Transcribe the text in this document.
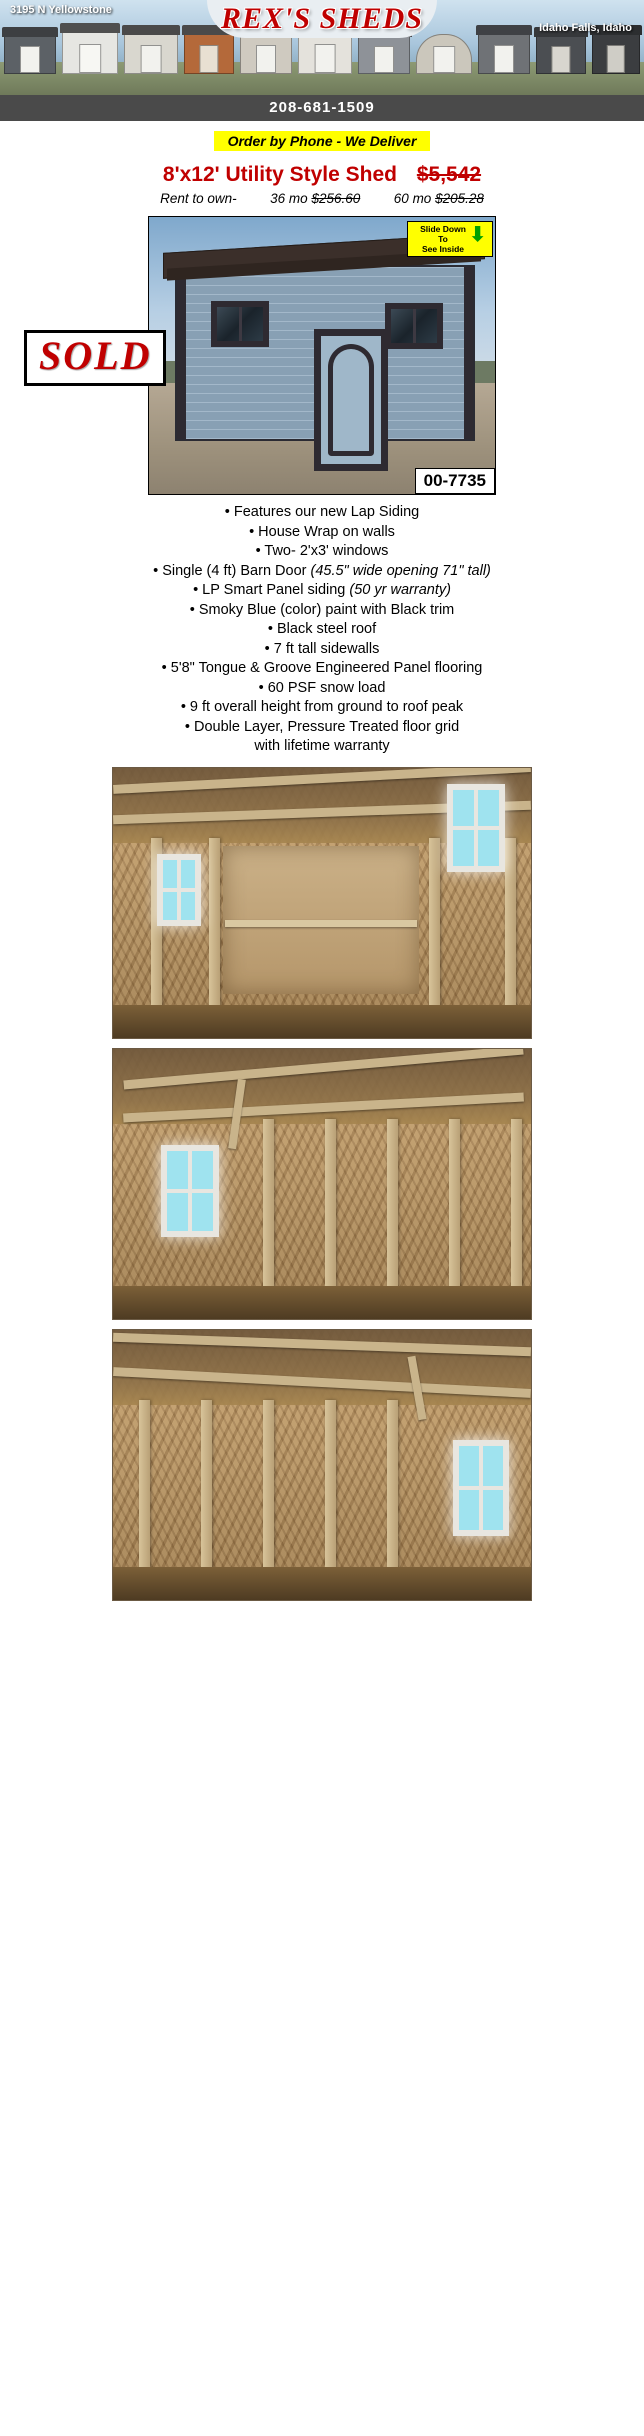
REX'S SHEDS
3195 N Yellowstone
Idaho Falls, Idaho
208-681-1509
Order by Phone - We Deliver
8'x12' Utility Style Shed $5,542
Rent to own- 36 mo $256.60 60 mo $205.28
⬇
Slide Down
To
See Inside
00-7735
SOLD
• Features our new Lap Siding
• House Wrap on walls
• Two- 2'x3' windows
• Single (4 ft) Barn Door (45.5" wide opening 71" tall)
• LP Smart Panel siding (50 yr warranty)
• Smoky Blue (color) paint with Black trim
• Black steel roof
• 7 ft tall sidewalls
• 5'8" Tongue & Groove Engineered Panel flooring
• 60 PSF snow load
• 9 ft overall height from ground to roof peak
• Double Layer, Pressure Treated floor grid
with lifetime warranty
